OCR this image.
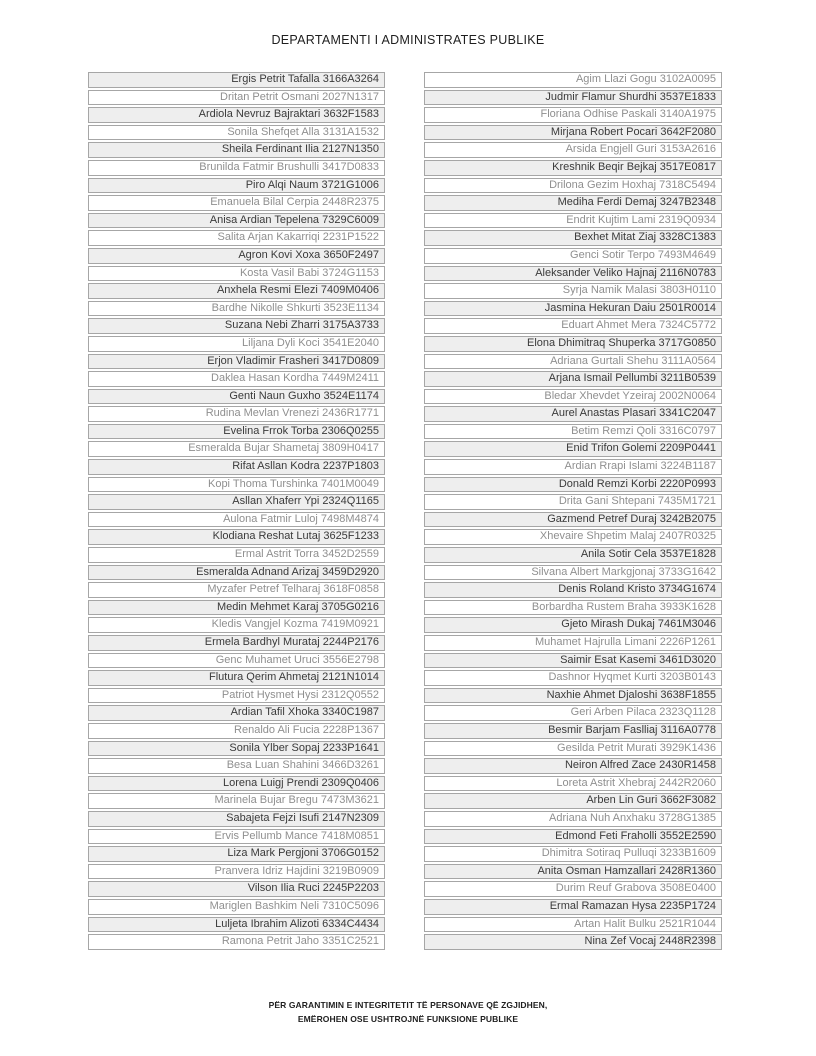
DEPARTAMENTI I ADMINISTRATES PUBLIKE
Ergis Petrit Tafalla 3166A3264
Dritan Petrit Osmani 2027N1317
Ardiola Nevruz Bajraktari 3632F1583
Sonila Shefqet Alla 3131A1532
Sheila Ferdinant Ilia 2127N1350
Brunilda Fatmir Brushulli 3417D0833
Piro Alqi Naum 3721G1006
Emanuela Bilal Cerpia 2448R2375
Anisa Ardian Tepelena 7329C6009
Salita Arjan Kakarriqi 2231P1522
Agron Kovi Xoxa 3650F2497
Kosta Vasil Babi 3724G1153
Anxhela Resmi Elezi 7409M0406
Bardhe Nikolle Shkurti 3523E1134
Suzana Nebi Zharri 3175A3733
Liljana Dyli Koci 3541E2040
Erjon Vladimir Frasheri 3417D0809
Daklea Hasan Kordha 7449M2411
Genti Naun Guxho 3524E1174
Rudina Mevlan Vrenezi 2436R1771
Evelina Frrok Torba 2306Q0255
Esmeralda Bujar Shametaj 3809H0417
Rifat Asllan Kodra 2237P1803
Kopi Thoma Turshinka 7401M0049
Asllan Xhaferr Ypi 2324Q1165
Aulona Fatmir Luloj 7498M4874
Klodiana Reshat Lutaj 3625F1233
Ermal Astrit Torra 3452D2559
Esmeralda Adnand Arizaj 3459D2920
Myzafer Petref Telharaj 3618F0858
Medin Mehmet Karaj 3705G0216
Kledis Vangjel Kozma 7419M0921
Ermela Bardhyl Murataj 2244P2176
Genc Muhamet Uruci 3556E2798
Flutura Qerim Ahmetaj 2121N1014
Patriot Hysmet Hysi 2312Q0552
Ardian Tafil Xhoka 3340C1987
Renaldo Ali Fucia 2228P1367
Sonila Ylber Sopaj 2233P1641
Besa Luan Shahini 3466D3261
Lorena Luigj Prendi 2309Q0406
Marinela Bujar Bregu 7473M3621
Sabajeta Fejzi Isufi 2147N2309
Ervis Pellumb Mance 7418M0851
Liza Mark Pergjoni 3706G0152
Pranvera Idriz Hajdini 3219B0909
Vilson Ilia Ruci 2245P2203
Mariglen Bashkim Neli 7310C5096
Luljeta Ibrahim Alizoti 6334C4434
Ramona Petrit Jaho 3351C2521
Agim Llazi Gogu 3102A0095
Judmir Flamur Shurdhi 3537E1833
Floriana Odhise Paskali 3140A1975
Mirjana Robert Pocari 3642F2080
Arsida Engjell Guri 3153A2616
Kreshnik Beqir Bejkaj 3517E0817
Drilona Gezim Hoxhaj 7318C5494
Mediha Ferdi Demaj 3247B2348
Endrit Kujtim Lami 2319Q0934
Bexhet Mitat Ziaj 3328C1383
Genci Sotir Terpo 7493M4649
Aleksander Veliko Hajnaj 2116N0783
Syrja Namik Malasi 3803H0110
Jasmina Hekuran Daiu 2501R0014
Eduart Ahmet Mera 7324C5772
Elona Dhimitraq Shuperka 3717G0850
Adriana Gurtali Shehu 3111A0564
Arjana Ismail Pellumbi 3211B0539
Bledar Xhevdet Yzeiraj 2002N0064
Aurel Anastas Plasari 3341C2047
Betim Remzi Qoli 3316C0797
Enid Trifon Golemi 2209P0441
Ardian Rrapi Islami 3224B1187
Donald Remzi Korbi 2220P0993
Drita Gani Shtepani 7435M1721
Gazmend Petref Duraj 3242B2075
Xhevaire Shpetim Malaj 2407R0325
Anila Sotir Cela 3537E1828
Silvana Albert Markgjonaj 3733G1642
Denis Roland Kristo 3734G1674
Borbardha Rustem Braha 3933K1628
Gjeto Mirash Dukaj 7461M3046
Muhamet Hajrulla Limani 2226P1261
Saimir Esat Kasemi 3461D3020
Dashnor Hyqmet Kurti 3203B0143
Naxhie Ahmet Djaloshi 3638F1855
Geri Arben Pilaca 2323Q1128
Besmir Barjam Faslliaj 3116A0778
Gesilda Petrit Murati 3929K1436
Neiron Alfred Zace 2430R1458
Loreta Astrit Xhebraj 2442R2060
Arben Lin Guri 3662F3082
Adriana Nuh Anxhaku 3728G1385
Edmond Feti Fraholli 3552E2590
Dhimitra Sotiraq Pulluqi 3233B1609
Anita Osman Hamzallari 2428R1360
Durim Reuf Grabova 3508E0400
Ermal Ramazan Hysa 2235P1724
Artan Halit Bulku 2521R1044
Nina Zef Vocaj 2448R2398
PËR GARANTIMIN E INTEGRITETIT TË PERSONAVE QË ZGJIDHEN,
EMËROHEN OSE USHTROJNË FUNKSIONE PUBLIKE
